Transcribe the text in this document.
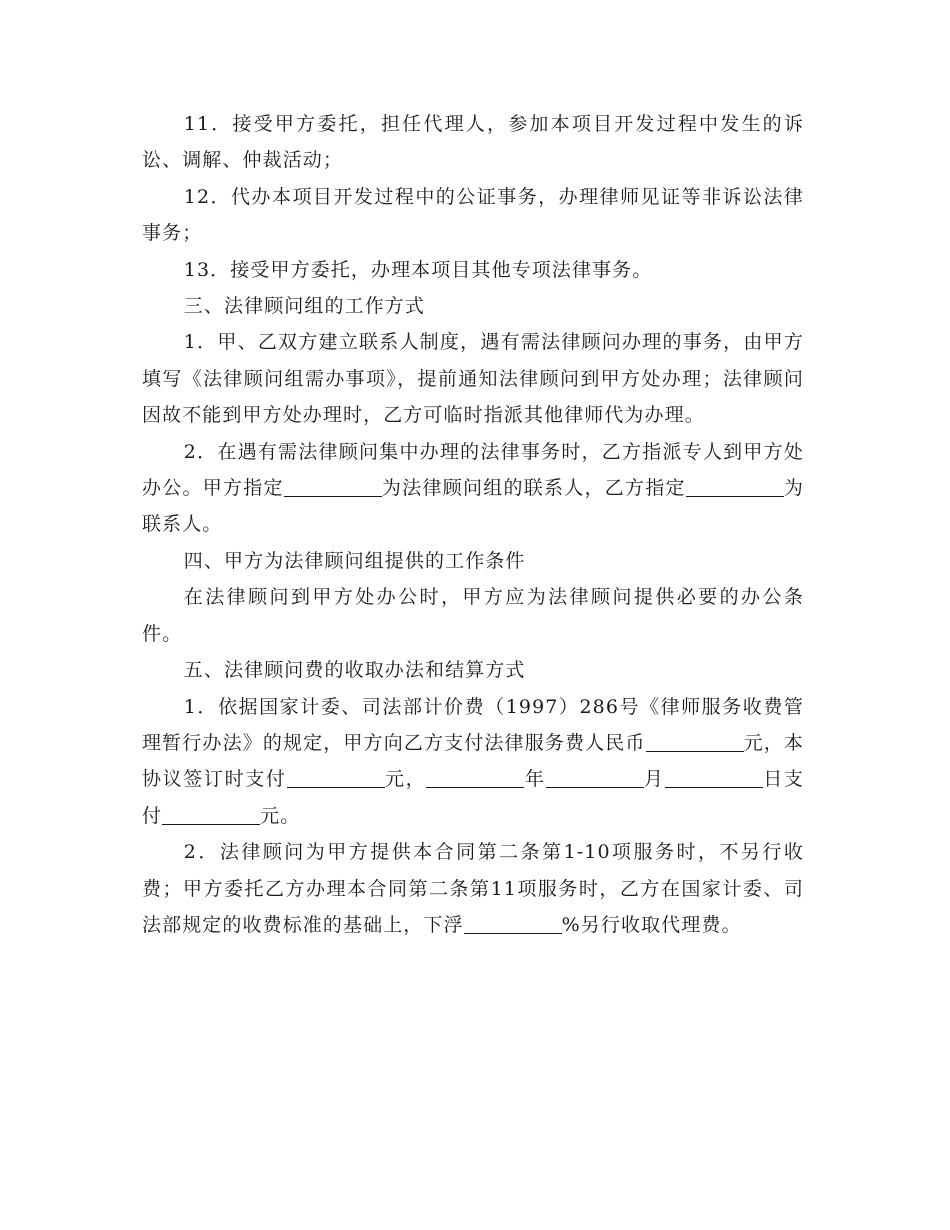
11．接受甲方委托，担任代理人，参加本项目开发过程中发生的诉讼、调解、仲裁活动；

12．代办本项目开发过程中的公证事务，办理律师见证等非诉讼法律事务；

13．接受甲方委托，办理本项目其他专项法律事务。

三、法律顾问组的工作方式

1．甲、乙双方建立联系人制度，遇有需法律顾问办理的事务，由甲方填写《法律顾问组需办事项》，提前通知法律顾问到甲方处办理；法律顾问因故不能到甲方处办理时，乙方可临时指派其他律师代为办理。

2．在遇有需法律顾问集中办理的法律事务时，乙方指派专人到甲方处办公。甲方指定	为法律顾问组的联系人，乙方指定	为联系人。

四、甲方为法律顾问组提供的工作条件

在法律顾问到甲方处办公时，甲方应为法律顾问提供必要的办公条件。

五、法律顾问费的收取办法和结算方式

1．依据国家计委、司法部计价费（1997）286号《律师服务收费管理暂行办法》的规定，甲方向乙方支付法律服务费人民币	元，本协议签订时支付	元，	年	月	日支付	元。

2．法律顾问为甲方提供本合同第二条第1-10项服务时，不另行收费；甲方委托乙方办理本合同第二条第11项服务时，乙方在国家计委、司法部规定的收费标准的基础上，下浮	%另行收取代理费。
